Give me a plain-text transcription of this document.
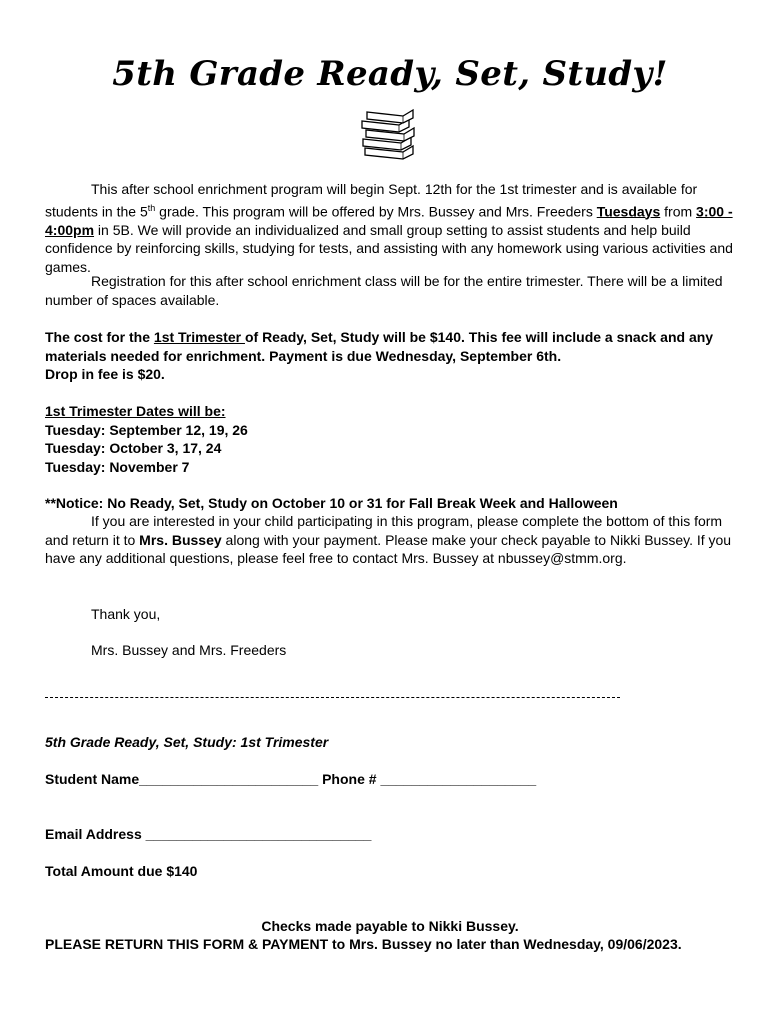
5th Grade Ready, Set, Study!
This after school enrichment program will begin Sept. 12th for the 1st trimester and is available for students in the 5th grade. This program will be offered by Mrs. Bussey and Mrs. Freeders Tuesdays from 3:00 - 4:00pm in 5B. We will provide an individualized and small group setting to assist students and help build confidence by reinforcing skills, studying for tests, and assisting with any homework using various activities and games.
Registration for this after school enrichment class will be for the entire trimester. There will be a limited number of spaces available.
The cost for the 1st Trimester of Ready, Set, Study will be $140. This fee will include a snack and any materials needed for enrichment. Payment is due Wednesday, September 6th.
Drop in fee is $20.
1st Trimester Dates will be:
Tuesday: September 12, 19, 26
Tuesday: October 3, 17, 24
Tuesday: November 7
**Notice: No Ready, Set, Study on October 10 or 31 for Fall Break Week and Halloween
If you are interested in your child participating in this program, please complete the bottom of this form and return it to Mrs. Bussey along with your payment. Please make your check payable to Nikki Bussey. If you have any additional questions, please feel free to contact Mrs. Bussey at nbussey@stmm.org.
Thank you,
Mrs. Bussey and Mrs. Freeders
5th Grade Ready, Set, Study: 1st Trimester
Student Name_______________________ Phone # ____________________
Email Address _____________________________
Total Amount due $140
Checks made payable to Nikki Bussey.
PLEASE RETURN THIS FORM & PAYMENT to Mrs. Bussey no later than Wednesday, 09/06/2023.
